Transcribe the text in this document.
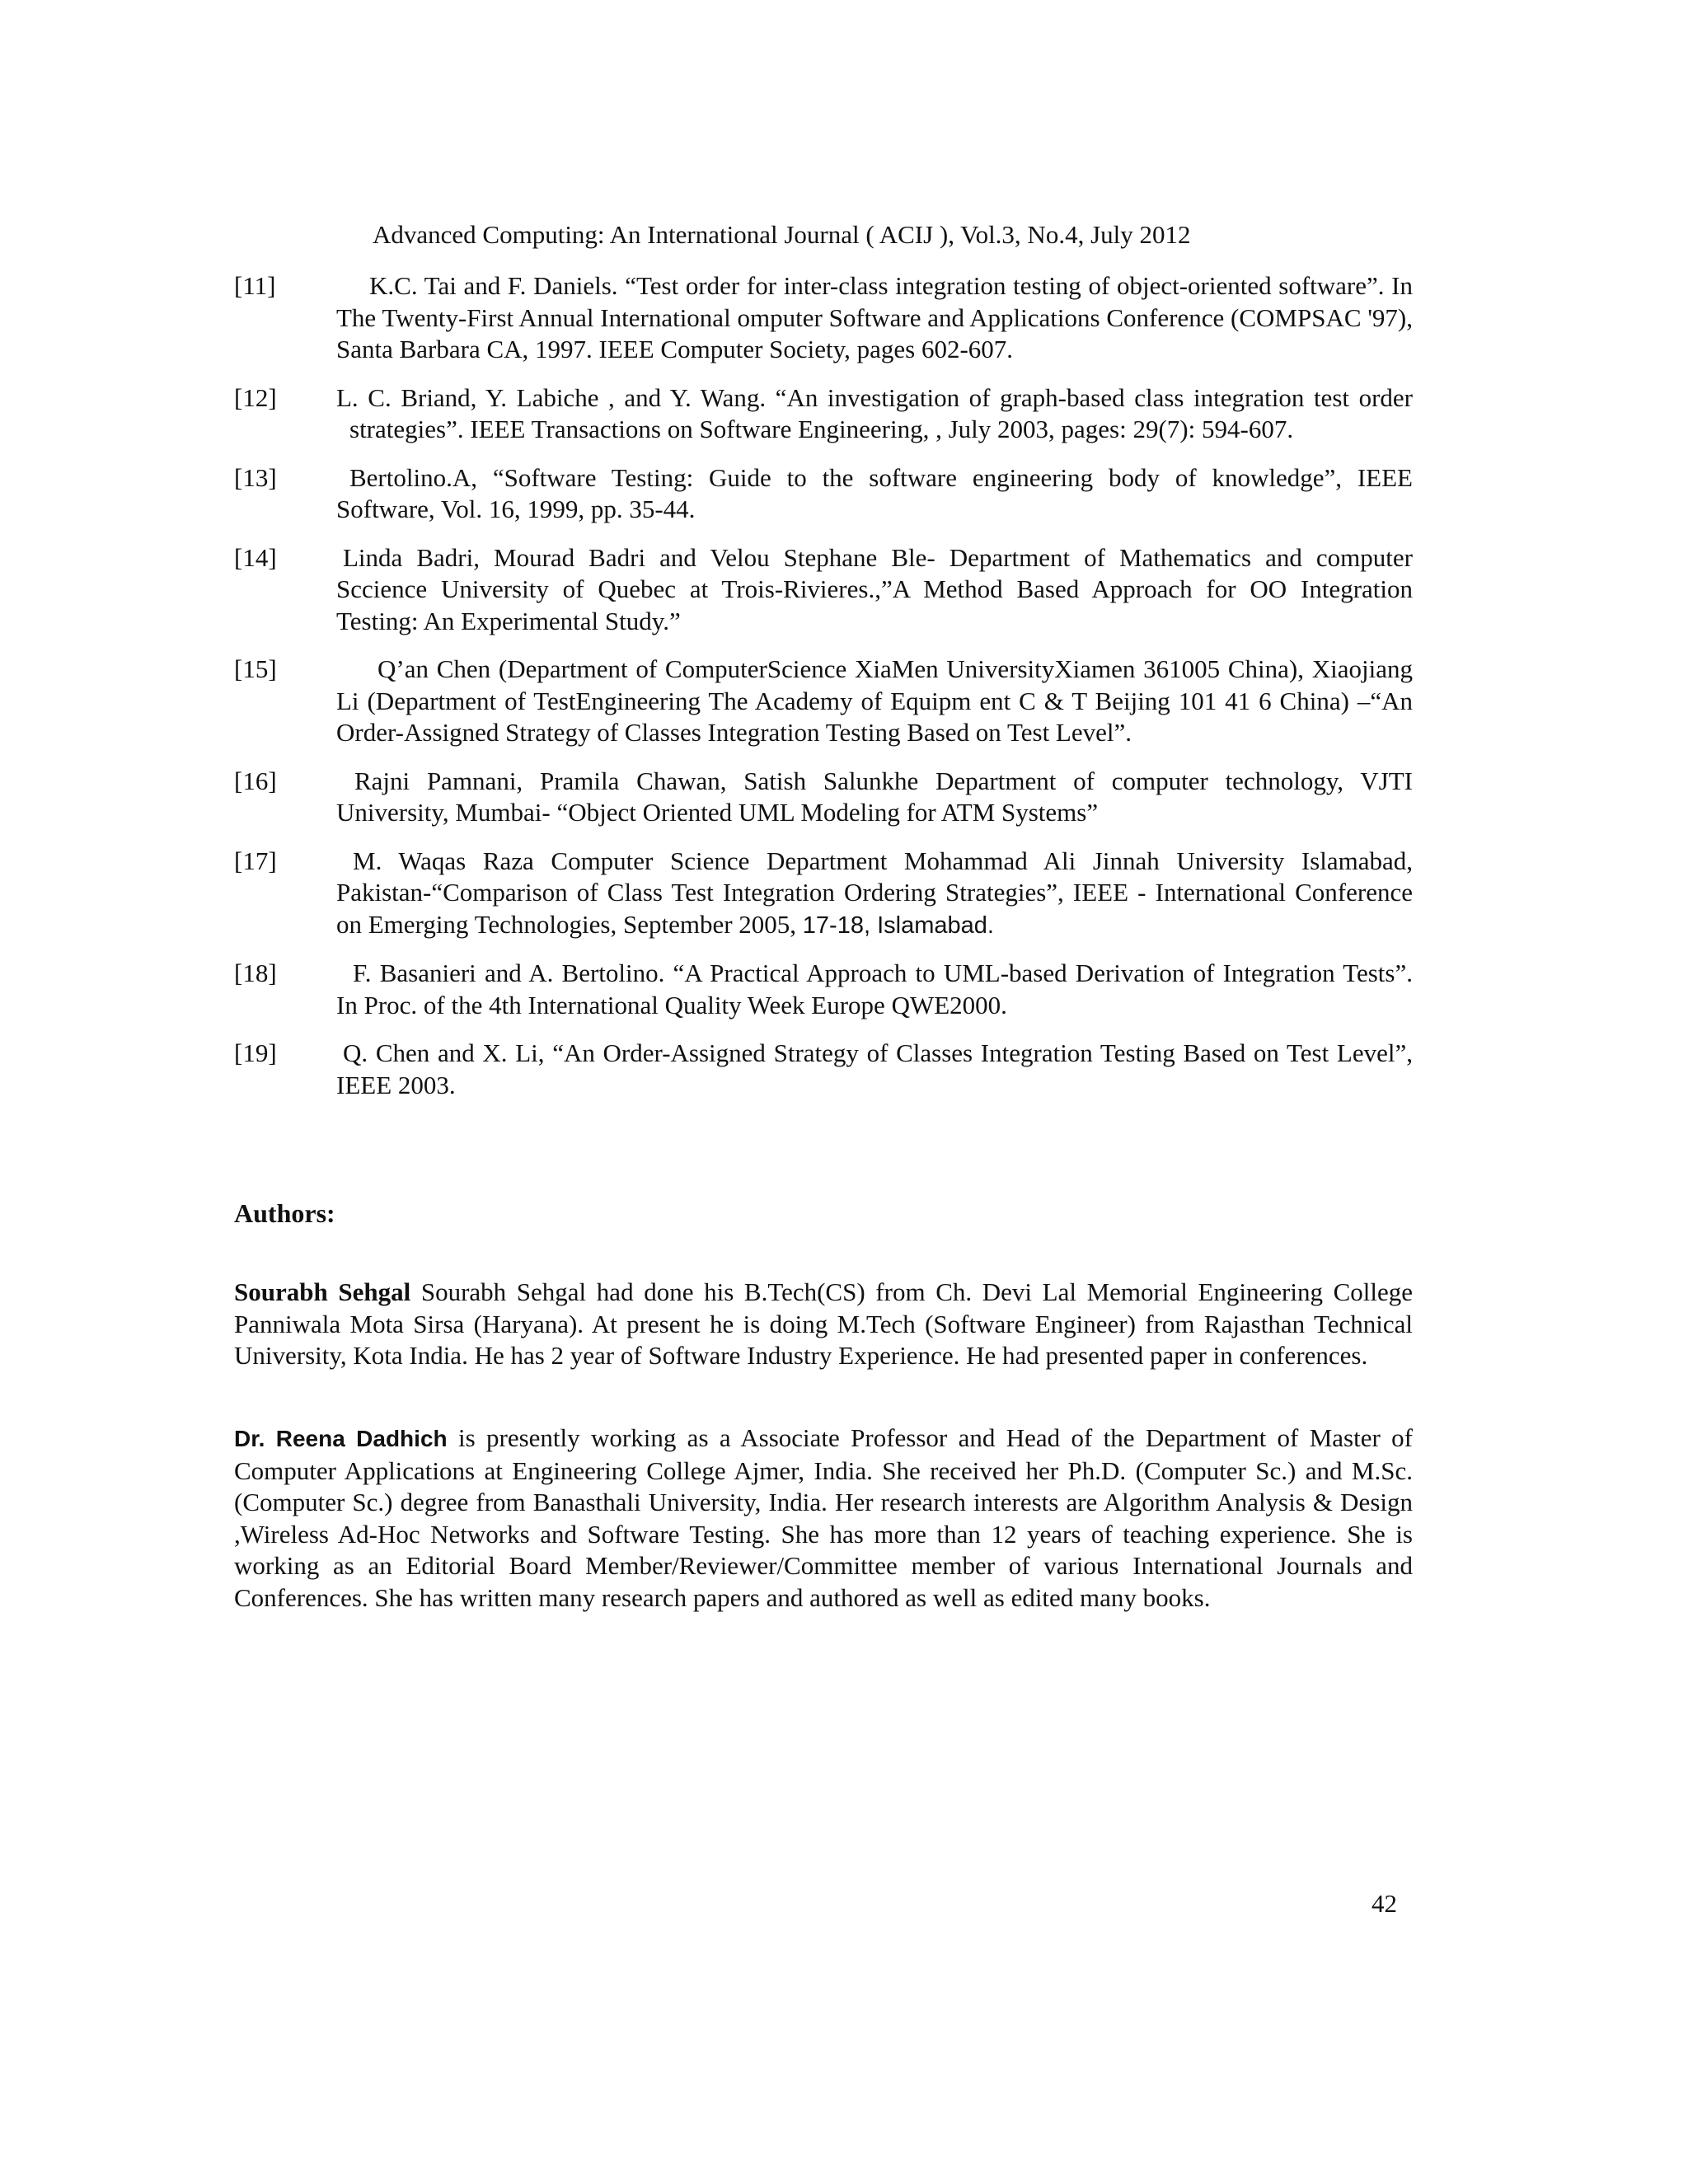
Advanced Computing: An International Journal ( ACIJ ), Vol.3, No.4, July 2012
[11]	K.C. Tai and F. Daniels. “Test order for inter-class integration testing of object-oriented software”. In The Twenty-First Annual International omputer Software and Applications Conference (COMPSAC '97), Santa Barbara CA, 1997. IEEE Computer Society, pages 602-607.
[12]	L. C. Briand, Y. Labiche , and Y. Wang. “An investigation of graph-based class integration test order strategies”. IEEE Transactions on Software Engineering, , July 2003, pages: 29(7): 594-607.
[13]	Bertolino.A, “Software Testing: Guide to the software engineering body of knowledge”, IEEE Software, Vol. 16, 1999, pp. 35-44.
[14]	Linda Badri, Mourad Badri and Velou Stephane Ble- Department of Mathematics and computer Sccience University of Quebec at Trois-Rivieres.,”A Method Based Approach for OO Integration Testing: An Experimental Study.”
[15]	Q’an Chen (Department of ComputerScience XiaMen UniversityXiamen 361005 China), Xiaojiang Li (Department of TestEngineering The Academy of Equipm ent C & T Beijing 101 41 6 China) –“An Order-Assigned Strategy of Classes Integration Testing Based on Test Level”.
[16]	Rajni Pamnani, Pramila Chawan, Satish Salunkhe Department of computer technology, VJTI University, Mumbai- “Object Oriented UML Modeling for ATM Systems”
[17]	M. Waqas Raza Computer Science Department Mohammad Ali Jinnah University Islamabad, Pakistan-“Comparison of Class Test Integration Ordering Strategies”, IEEE - International Conference on Emerging Technologies, September 2005, 17-18, Islamabad.
[18]	F. Basanieri and A. Bertolino. “A Practical Approach to UML-based Derivation of Integration Tests”. In Proc. of the 4th International Quality Week Europe QWE2000.
[19]	Q. Chen and X. Li, “An Order-Assigned Strategy of Classes Integration Testing Based on Test Level”, IEEE 2003.
Authors:
Sourabh Sehgal Sourabh Sehgal had done his B.Tech(CS) from Ch. Devi Lal Memorial Engineering College Panniwala Mota Sirsa (Haryana). At present he is doing M.Tech (Software Engineer) from Rajasthan Technical University, Kota India. He has 2 year of Software Industry Experience. He had presented paper in conferences.
Dr. Reena Dadhich is presently working as a Associate Professor and Head of the Department of Master of Computer Applications at Engineering College Ajmer, India. She received her Ph.D. (Computer Sc.) and M.Sc.(Computer Sc.) degree from Banasthali University, India. Her research interests are Algorithm Analysis & Design ,Wireless Ad-Hoc Networks and Software Testing. She has more than 12 years of teaching experience. She is working as an Editorial Board Member/Reviewer/Committee member of various International Journals and Conferences. She has written many research papers and authored as well as edited many books.
42
